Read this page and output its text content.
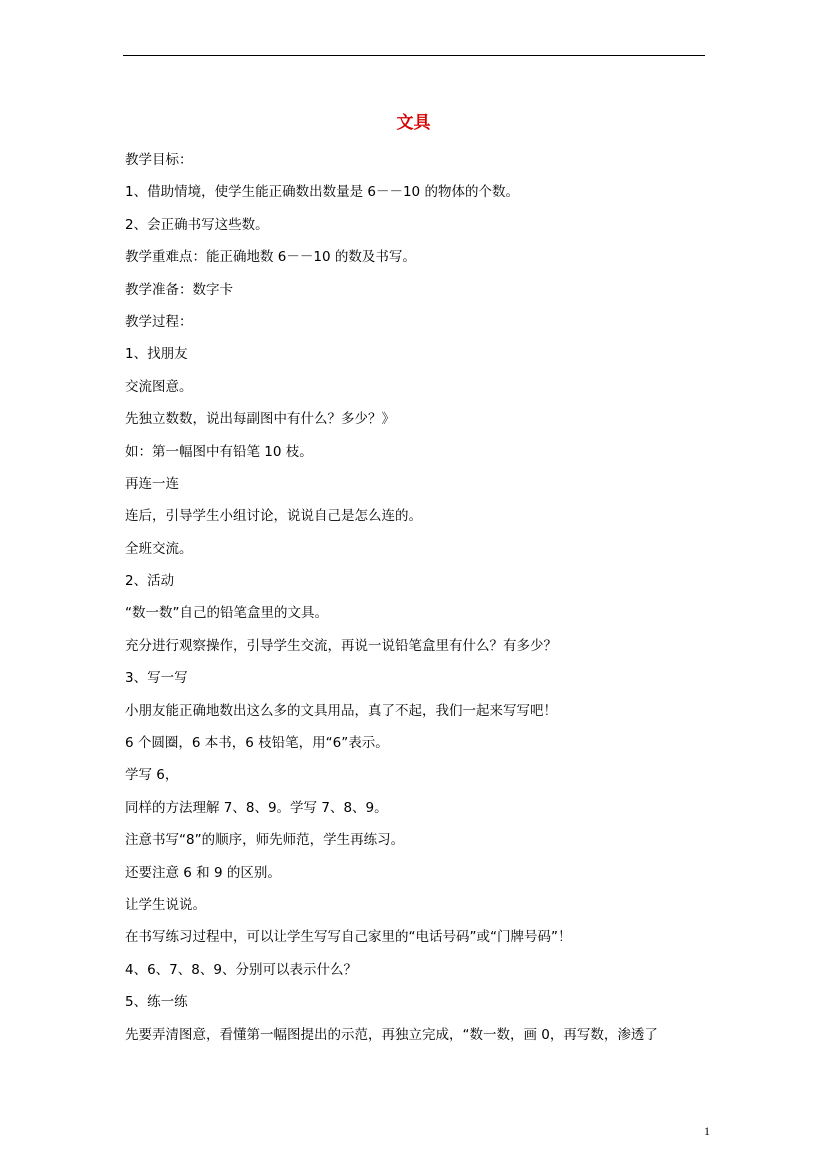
文具
教学目标：
1、借助情境，使学生能正确数出数量是 6－－10 的物体的个数。
2、会正确书写这些数。
教学重难点：能正确地数 6－－10 的数及书写。
教学准备：数字卡
教学过程：
1、找朋友
交流图意。
先独立数数，说出每副图中有什么？多少？》
如：第一幅图中有铅笔 10 枝。
再连一连
连后，引导学生小组讨论，说说自己是怎么连的。
全班交流。
2、活动
“数一数”自己的铅笔盒里的文具。
充分进行观察操作，引导学生交流，再说一说铅笔盒里有什么？有多少？
3、写一写
小朋友能正确地数出这么多的文具用品，真了不起，我们一起来写写吧！
6 个圆圈，6 本书，6 枝铅笔，用“6”表示。
学写 6，
同样的方法理解 7、8、9。学写 7、8、9。
注意书写“8”的顺序，师先师范，学生再练习。
还要注意 6 和 9 的区别。
让学生说说。
在书写练习过程中，可以让学生写写自己家里的“电话号码”或“门牌号码”！
4、6、7、8、9、分别可以表示什么？
5、练一练
先要弄清图意，看懂第一幅图提出的示范，再独立完成，“数一数，画 0，再写数，渗透了
1
